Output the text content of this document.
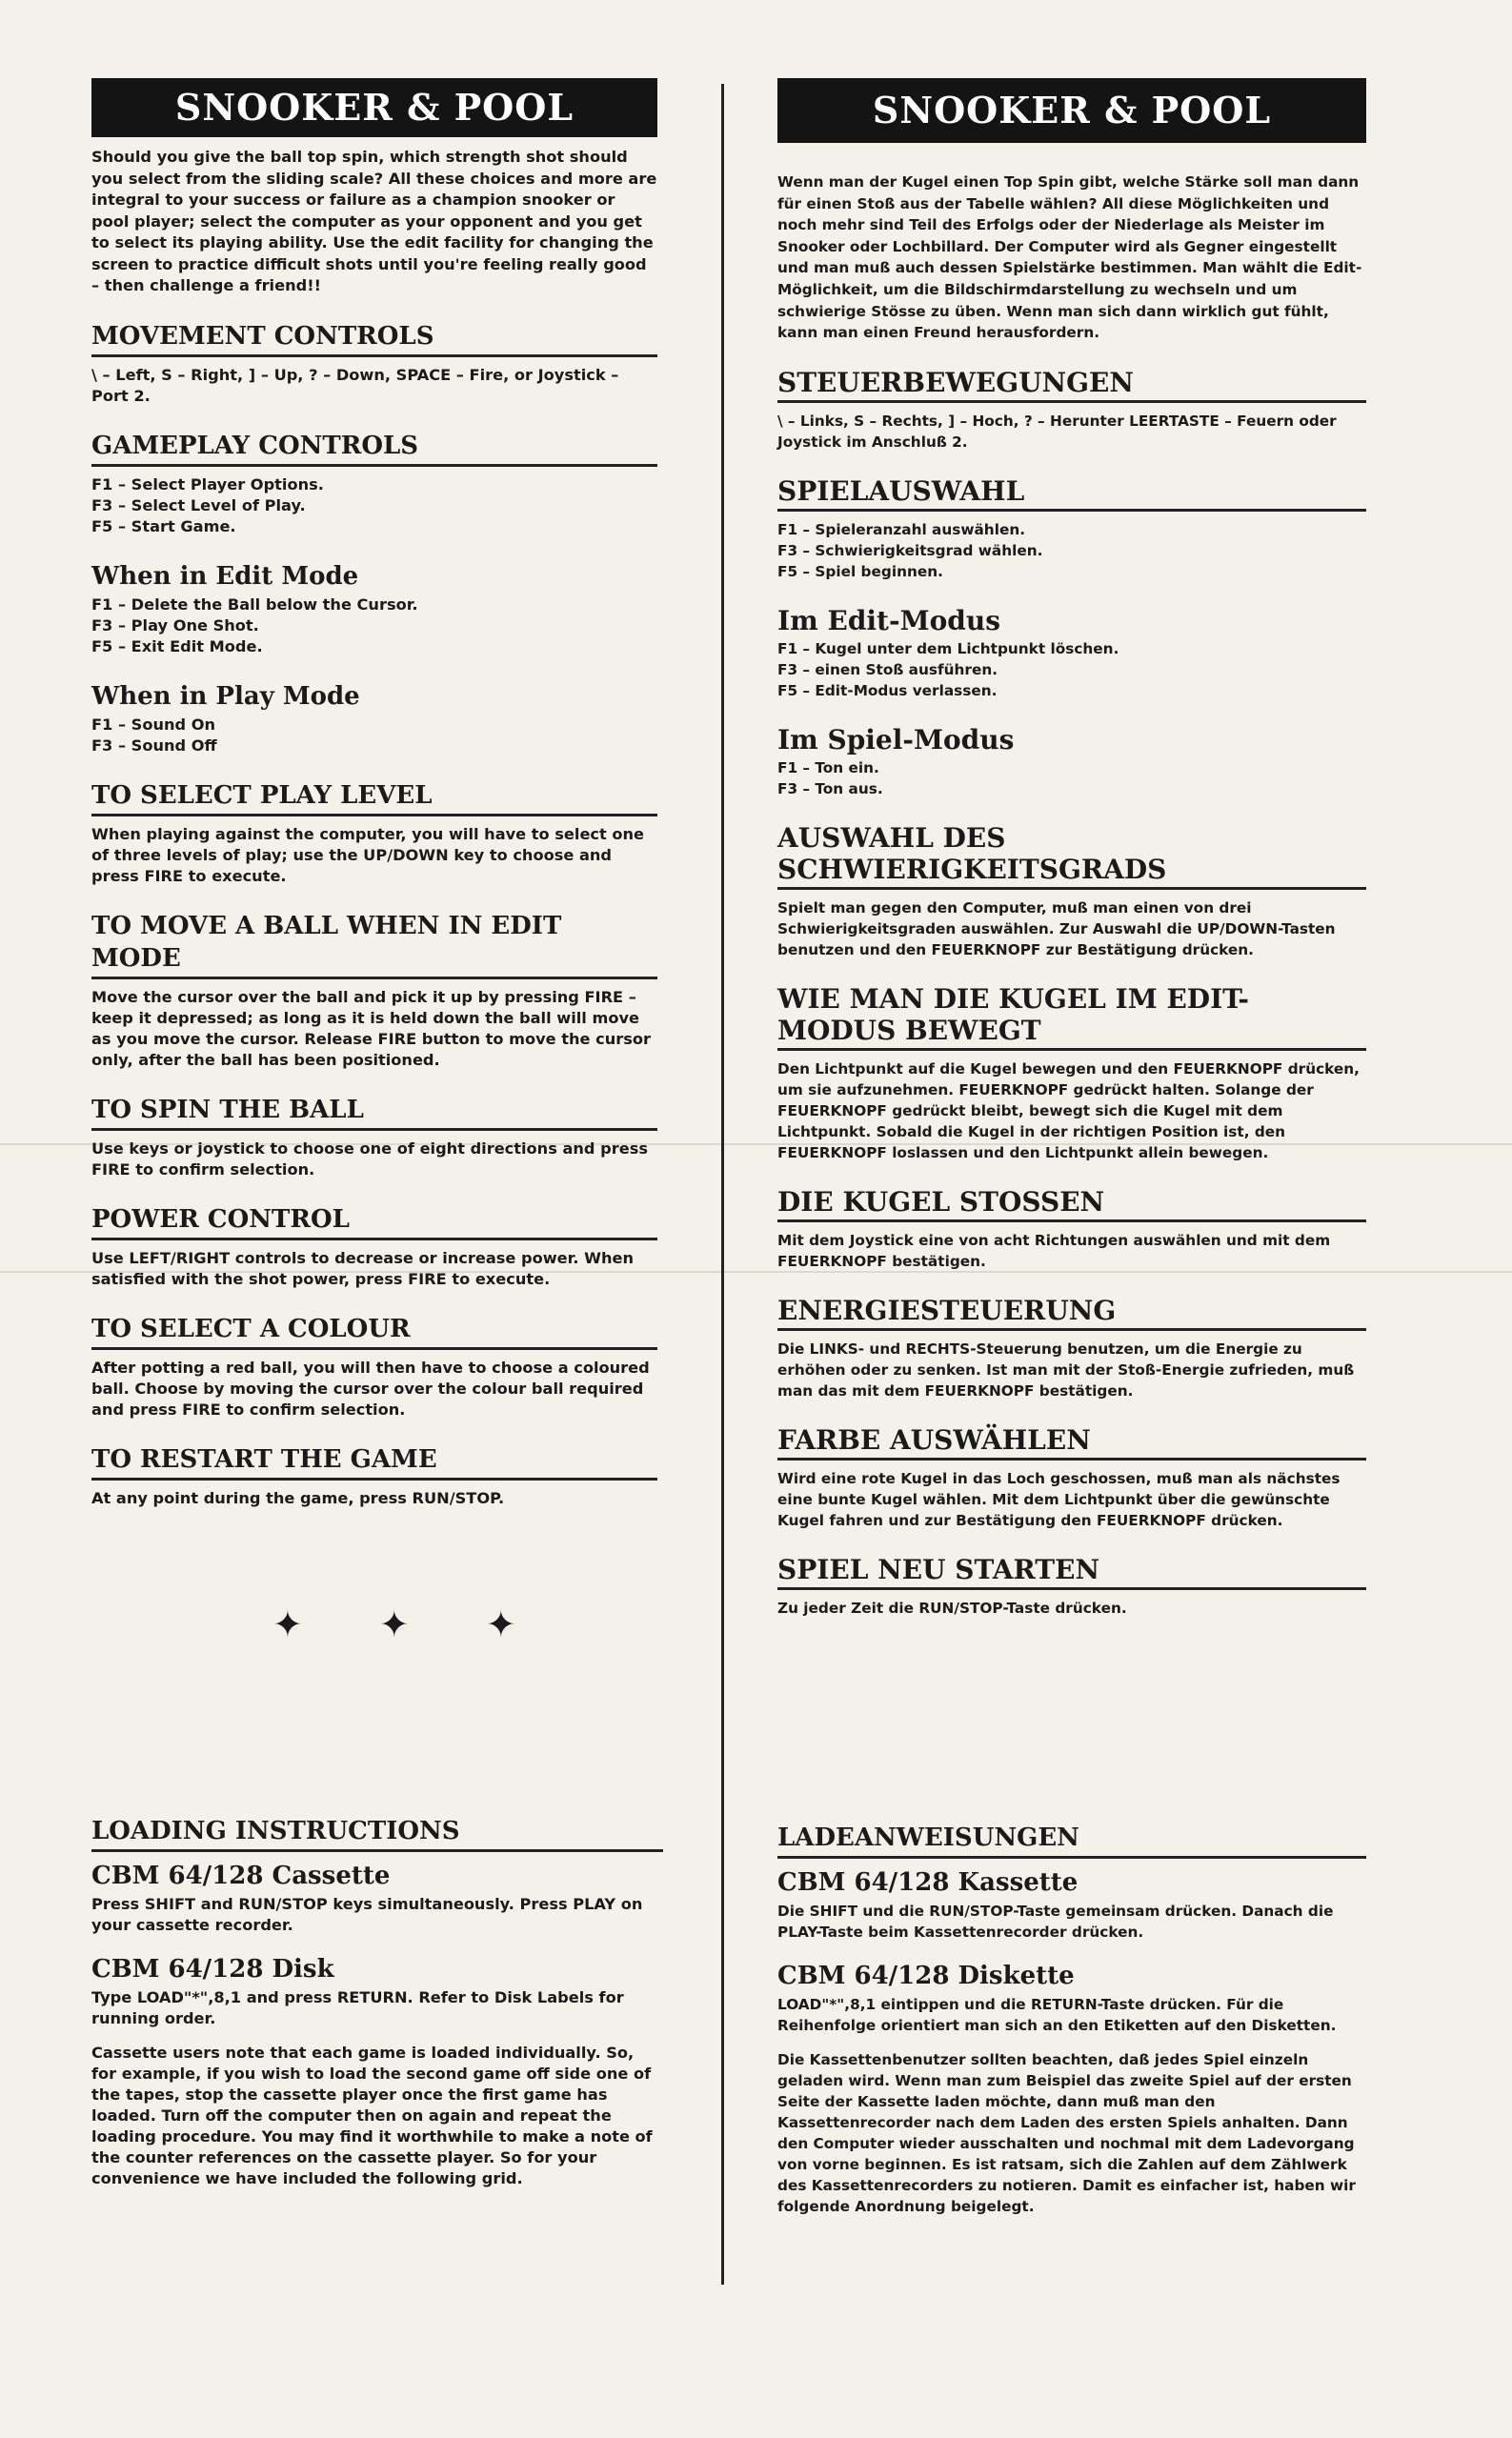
SNOOKER & POOL

Should you give the ball top spin, which strength shot should you select from the sliding scale? All these choices and more are integral to your success or failure as a champion snooker or pool player; select the computer as your opponent and you get to select its playing ability. Use the edit facility for changing the screen to practice difficult shots until you're feeling really good – then challenge a friend!!

MOVEMENT CONTROLS

\ – Left, S – Right, ] – Up, ? – Down, SPACE – Fire, or Joystick – Port 2.

GAMEPLAY CONTROLS
F1 – Select Player Options.
F3 – Select Level of Play.
F5 – Start Game.
When in Edit Mode
F1 – Delete the Ball below the Cursor.
F3 – Play One Shot.
F5 – Exit Edit Mode.
When in Play Mode
F1 – Sound On
F3 – Sound Off
TO SELECT PLAY LEVEL

When playing against the computer, you will have to select one of three levels of play; use the UP/DOWN key to choose and press FIRE to execute.

TO MOVE A BALL WHEN IN EDIT MODE

Move the cursor over the ball and pick it up by pressing FIRE – keep it depressed; as long as it is held down the ball will move as you move the cursor. Release FIRE button to move the cursor only, after the ball has been positioned.

TO SPIN THE BALL

Use keys or joystick to choose one of eight directions and press FIRE to confirm selection.

POWER CONTROL

Use LEFT/RIGHT controls to decrease or increase power. When satisfied with the shot power, press FIRE to execute.

TO SELECT A COLOUR

After potting a red ball, you will then have to choose a coloured ball. Choose by moving the cursor over the colour ball required and press FIRE to confirm selection.

TO RESTART THE GAME

At any point during the game, press RUN/STOP.

✦ ✦ ✦
LOADING INSTRUCTIONS
CBM 64/128 Cassette

Press SHIFT and RUN/STOP keys simultaneously. Press PLAY on your cassette recorder.

CBM 64/128 Disk

Type LOAD"*",8,1 and press RETURN. Refer to Disk Labels for running order.

Cassette users note that each game is loaded individually. So, for example, if you wish to load the second game off side one of the tapes, stop the cassette player once the first game has loaded. Turn off the computer then on again and repeat the loading procedure. You may find it worthwhile to make a note of the counter references on the cassette player. So for your convenience we have included the following grid.

SNOOKER & POOL

Wenn man der Kugel einen Top Spin gibt, welche Stärke soll man dann für einen Stoß aus der Tabelle wählen? All diese Möglichkeiten und noch mehr sind Teil des Erfolgs oder der Niederlage als Meister im Snooker oder Lochbillard. Der Computer wird als Gegner eingestellt und man muß auch dessen Spielstärke bestimmen. Man wählt die Edit-Möglichkeit, um die Bildschirmdarstellung zu wechseln und um schwierige Stösse zu üben. Wenn man sich dann wirklich gut fühlt, kann man einen Freund herausfordern.

STEUERBEWEGUNGEN

\ – Links, S – Rechts, ] – Hoch, ? – Herunter LEERTASTE – Feuern oder Joystick im Anschluß 2.

SPIELAUSWAHL
F1 – Spieleranzahl auswählen.
F3 – Schwierigkeitsgrad wählen.
F5 – Spiel beginnen.
Im Edit-Modus
F1 – Kugel unter dem Lichtpunkt löschen.
F3 – einen Stoß ausführen.
F5 – Edit-Modus verlassen.
Im Spiel-Modus
F1 – Ton ein.
F3 – Ton aus.
AUSWAHL DES SCHWIERIGKEITSGRADS

Spielt man gegen den Computer, muß man einen von drei Schwierigkeitsgraden auswählen. Zur Auswahl die UP/DOWN-Tasten benutzen und den FEUERKNOPF zur Bestätigung drücken.

WIE MAN DIE KUGEL IM EDIT-MODUS BEWEGT

Den Lichtpunkt auf die Kugel bewegen und den FEUERKNOPF drücken, um sie aufzunehmen. FEUERKNOPF gedrückt halten. Solange der FEUERKNOPF gedrückt bleibt, bewegt sich die Kugel mit dem Lichtpunkt. Sobald die Kugel in der richtigen Position ist, den FEUERKNOPF loslassen und den Lichtpunkt allein bewegen.

DIE KUGEL STOSSEN

Mit dem Joystick eine von acht Richtungen auswählen und mit dem FEUERKNOPF bestätigen.

ENERGIESTEUERUNG

Die LINKS- und RECHTS-Steuerung benutzen, um die Energie zu erhöhen oder zu senken. Ist man mit der Stoß-Energie zufrieden, muß man das mit dem FEUERKNOPF bestätigen.

FARBE AUSWÄHLEN

Wird eine rote Kugel in das Loch geschossen, muß man als nächstes eine bunte Kugel wählen. Mit dem Lichtpunkt über die gewünschte Kugel fahren und zur Bestätigung den FEUERKNOPF drücken.

SPIEL NEU STARTEN

Zu jeder Zeit die RUN/STOP-Taste drücken.

LADEANWEISUNGEN
CBM 64/128 Kassette

Die SHIFT und die RUN/STOP-Taste gemeinsam drücken. Danach die PLAY-Taste beim Kassettenrecorder drücken.

CBM 64/128 Diskette

LOAD"*",8,1 eintippen und die RETURN-Taste drücken. Für die Reihenfolge orientiert man sich an den Etiketten auf den Disketten.

Die Kassettenbenutzer sollten beachten, daß jedes Spiel einzeln geladen wird. Wenn man zum Beispiel das zweite Spiel auf der ersten Seite der Kassette laden möchte, dann muß man den Kassettenrecorder nach dem Laden des ersten Spiels anhalten. Dann den Computer wieder ausschalten und nochmal mit dem Ladevorgang von vorne beginnen. Es ist ratsam, sich die Zahlen auf dem Zählwerk des Kassettenrecorders zu notieren. Damit es einfacher ist, haben wir folgende Anordnung beigelegt.
